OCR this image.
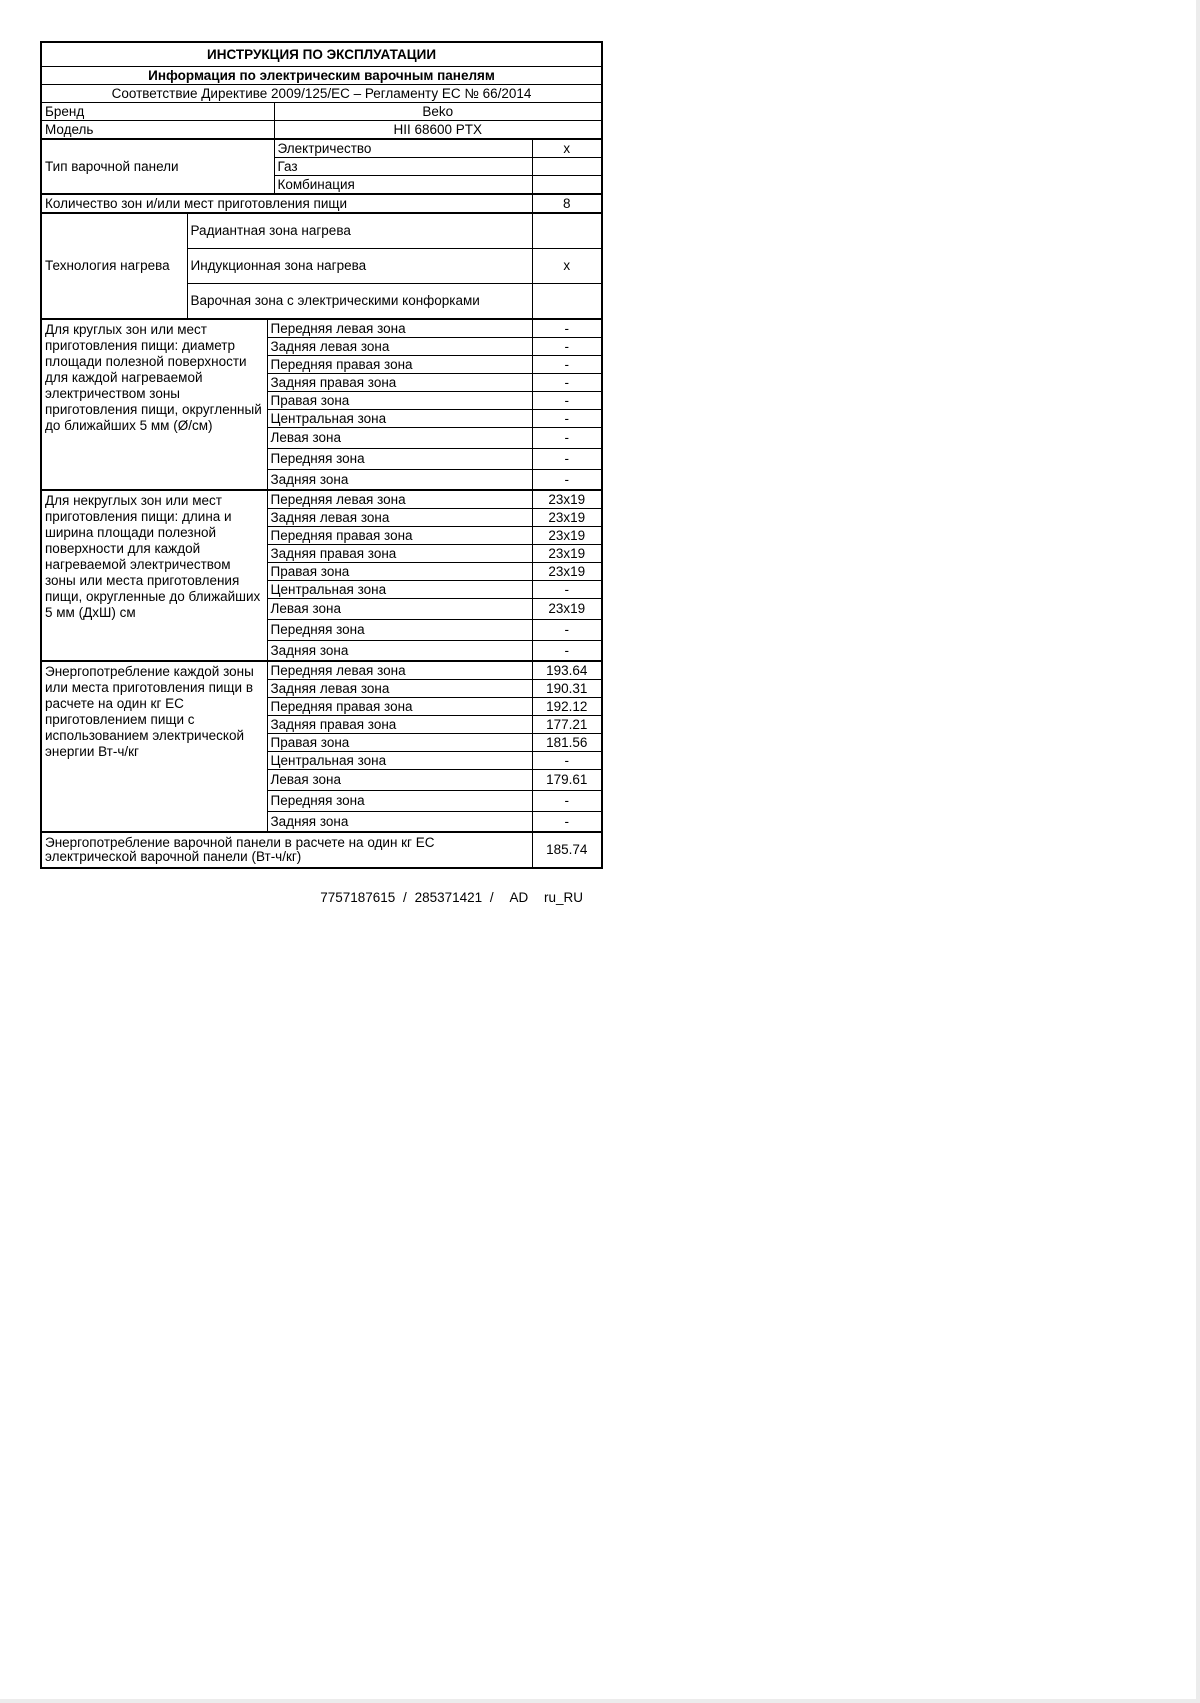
ИНСТРУКЦИЯ ПО ЭКСПЛУАТАЦИИ				
Информация по электрическим варочным панелям				
Соответствие Директиве 2009/125/ЕС – Регламенту ЕС № 66/2014				
Бренд			Beko	
Модель			HII 68600 PTX	
Тип варочной панели			Электричество	x
			Газ	
			Комбинация	
Количество зон и/или мест приготовления пищи				8
Технология нагрева	Радиантная зона нагрева			
	Индукционная зона нагрева			x
	Варочная зона с электрическими конфорками			
Для круглых зон или мест приготовления пищи: диаметр площади полезной поверхности для каждой нагреваемой электричеством зоны приготовления пищи, округленный до ближайших 5 мм (Ø/см)		Передняя левая зона		-
		Задняя левая зона		-
		Передняя правая зона		-
		Задняя правая зона		-
		Правая зона		-
		Центральная зона		-
		Левая зона		-
		Передняя зона		-
		Задняя зона		-
Для некруглых зон или мест приготовления пищи: длина и ширина площади полезной поверхности для каждой нагреваемой электричеством зоны или места приготовления пищи, округленные до ближайших 5 мм (ДхШ) см		Передняя левая зона		23x19
		Задняя левая зона		23x19
		Передняя правая зона		23x19
		Задняя правая зона		23x19
		Правая зона		23x19
		Центральная зона		-
		Левая зона		23x19
		Передняя зона		-
		Задняя зона		-
Энергопотребление каждой зоны или места приготовления пищи в расчете на один кг ЕС приготовлением пищи с использованием электрической энергии Вт-ч/кг		Передняя левая зона		193.64
		Задняя левая зона		190.31
		Передняя правая зона		192.12
		Задняя правая зона		177.21
		Правая зона		181.56
		Центральная зона		-
		Левая зона		179.61
		Передняя зона		-
		Задняя зона		-
Энергопотребление варочной панели в расчете на один кг ЕС электрической варочной панели (Вт-ч/кг)				185.74
7757187615 / 285371421 / AD ru_RU
